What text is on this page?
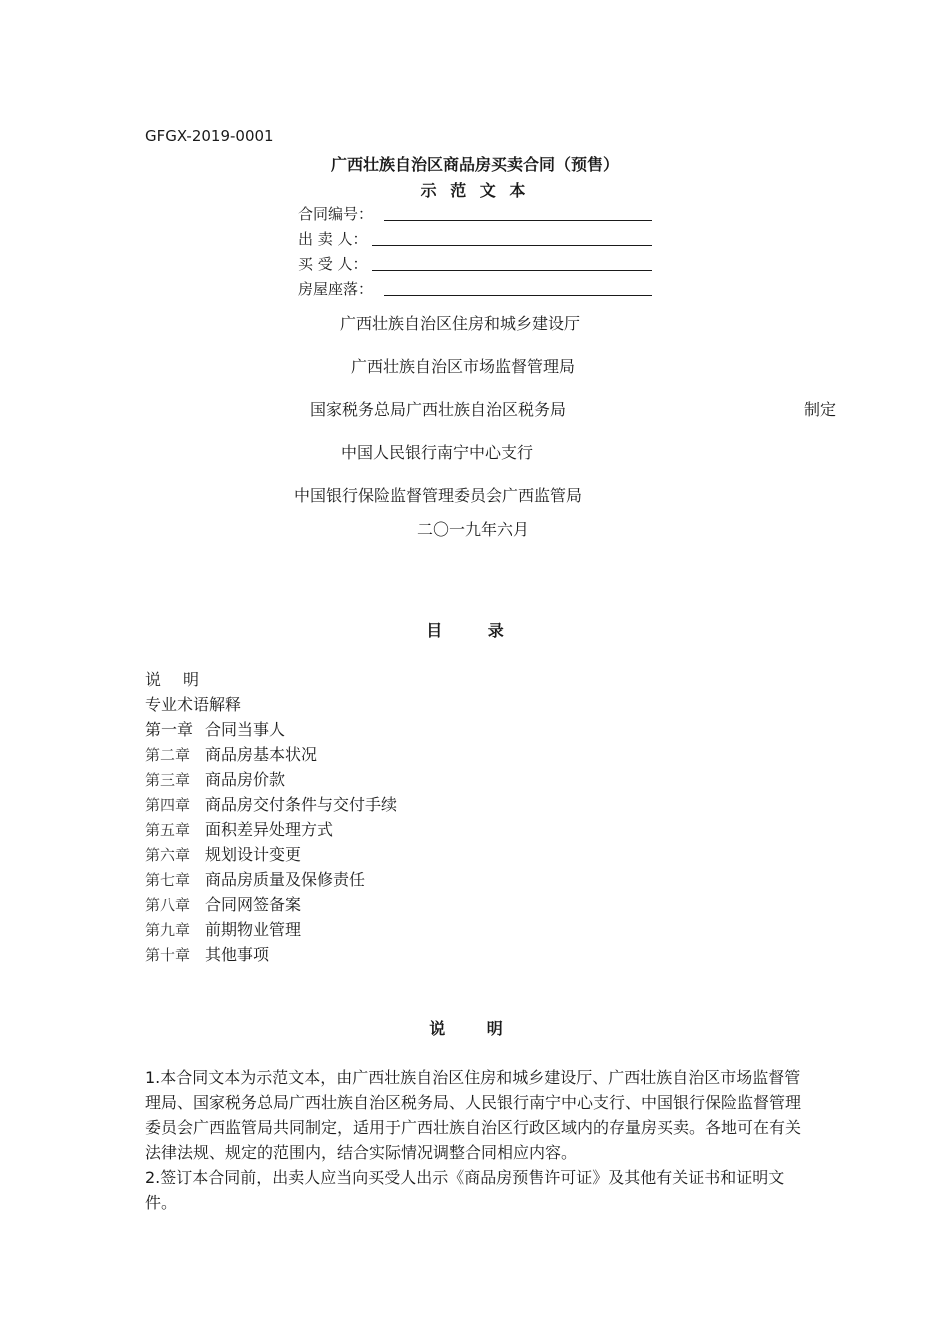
GFGX-2019-0001
广西壮族自治区商品房买卖合同（预售）
示 范 文 本
合同编号：
出 卖 人：
买 受 人：
房屋座落：
广西壮族自治区住房和城乡建设厅
广西壮族自治区市场监督管理局
国家税务总局广西壮族自治区税务局	制定
中国人民银行南宁中心支行
中国银行保险监督管理委员会广西监管局
二〇一九年六月
目 录
说 明
专业术语解释
第一章 合同当事人
第二章 商品房基本状况
第三章 商品房价款
第四章 商品房交付条件与交付手续
第五章 面积差异处理方式
第六章 规划设计变更
第七章 商品房质量及保修责任
第八章 合同网签备案
第九章 前期物业管理
第十章 其他事项
说 明
1.本合同文本为示范文本，由广西壮族自治区住房和城乡建设厅、广西壮族自治区市场监督管理局、国家税务总局广西壮族自治区税务局、人民银行南宁中心支行、中国银行保险监督管理委员会广西监管局共同制定，适用于广西壮族自治区行政区域内的存量房买卖。各地可在有关法律法规、规定的范围内，结合实际情况调整合同相应内容。
2.签订本合同前，出卖人应当向买受人出示《商品房预售许可证》及其他有关证书和证明文件。
